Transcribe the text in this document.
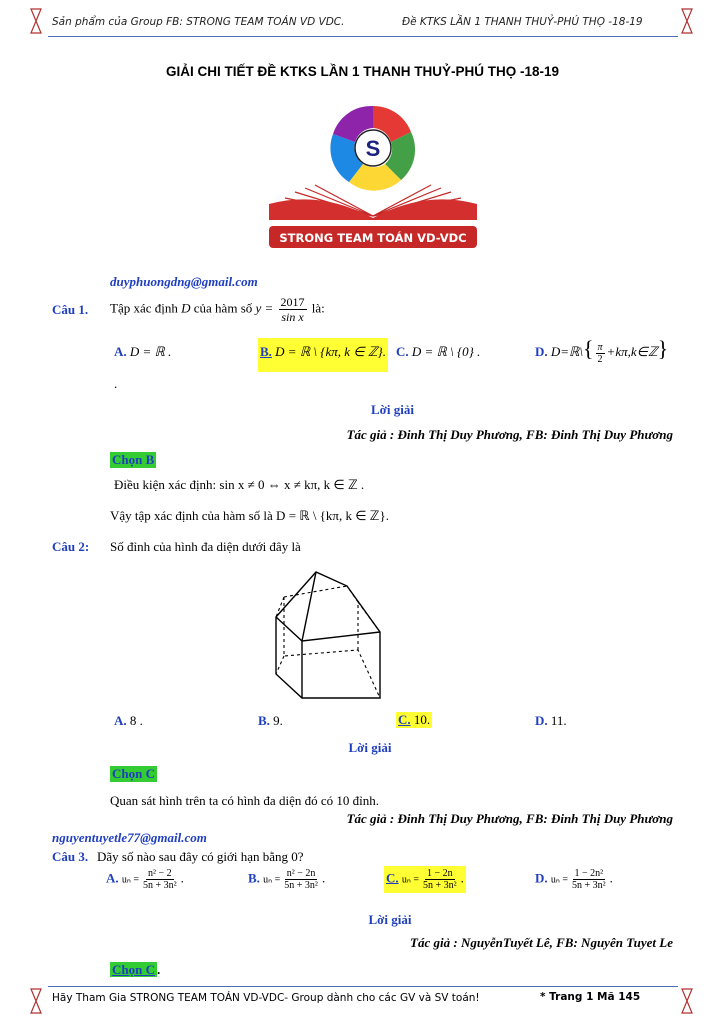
Sản phẩm của Group FB: STRONG TEAM TOÁN VD VDC.	Đề KTKS LẦN 1 THANH THUỶ-PHÚ THỌ -18-19
GIẢI CHI TIẾT ĐỀ KTKS LẦN 1 THANH THUỶ-PHÚ THỌ -18-19
S
STRONG TEAM TOÁN VD-VDC
duyphuongdng@gmail.com
Câu 1. Tập xác định D của hàm số $y = \frac{2017}{\text{sin x}}$ là:
A. D = ℝ .	B. D = ℝ \ {kπ, k ∈ ℤ}. C. D = ℝ \ {0} .	D. D=ℝ\{ $\frac{\pi}{2}$ +kπ,k∈ℤ}
.
Lời giải
Tác giả : Đinh Thị Duy Phương, FB: Đinh Thị Duy Phương
Chọn B
Điều kiện xác định: sin x ≠ 0 ⇔ x ≠ kπ, k ∈ ℤ .
Vậy tập xác định của hàm số là D = ℝ \ {kπ, k ∈ ℤ}.
Câu 2: Số đỉnh của hình đa diện dưới đây là
A. 8 .	B. 9.	C. 10.	D. 11.
Lời giải
Chọn C
Quan sát hình trên ta có hình đa diện đó có 10 đỉnh.
Tác giả : Đinh Thị Duy Phương, FB: Đinh Thị Duy Phương
nguyentuyetle77@gmail.com
Câu 3. Dãy số nào sau đây có giới hạn bằng 0?
A. $u_n = \frac{\text{n² − 2}}{\text{5n + 3n²}}$ .	B. $u_n = \frac{\text{n² − 2n}}{\text{5n + 3n²}}$ .	C. $u_n = \frac{1 - 2n}{\text{5n + 3n²}}$ .	D. $u_n = \frac{\text{1 − 2n²}}{\text{5n + 3n²}}$ .
Lời giải
Tác giả : NguyễnTuyết Lê, FB: Nguyên Tuyet Le
Chọn C .
Hãy Tham Gia STRONG TEAM TOÁN VD-VDC- Group dành cho các GV và SV toán!	* Trang 1 Mã 145
